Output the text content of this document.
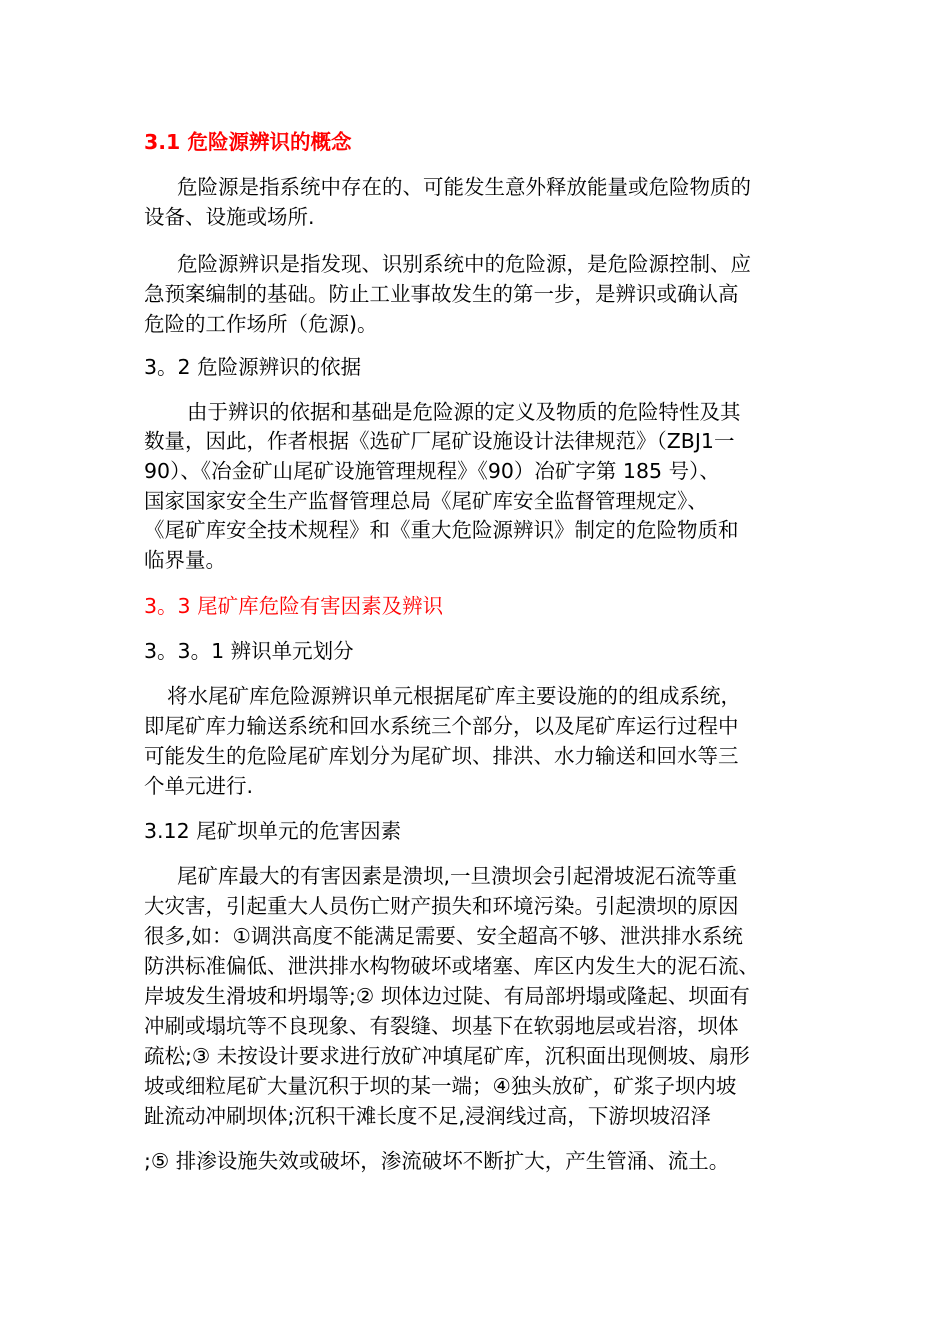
3.1 危险源辨识的概念
危险源是指系统中存在的、可能发生意外释放能量或危险物质的
设备、设施或场所.
危险源辨识是指发现、识别系统中的危险源，是危险源控制、应
急预案编制的基础。防止工业事故发生的第一步，是辨识或确认高
危险的工作场所（危源)。
3。2 危险源辨识的依据
由于辨识的依据和基础是危险源的定义及物质的危险特性及其
数量，因此，作者根据《选矿厂尾矿设施设计法律规范》（ZBJ1一
90）、《冶金矿山尾矿设施管理规程》《90）冶矿字第 185 号）、
国家国家安全生产监督管理总局《尾矿库安全监督管理规定》、
《尾矿库安全技术规程》和《重大危险源辨识》制定的危险物质和
临界量。
3。3 尾矿库危险有害因素及辨识
3。3。1 辨识单元划分
将水尾矿库危险源辨识单元根据尾矿库主要设施的的组成系统，
即尾矿库力输送系统和回水系统三个部分，以及尾矿库运行过程中
可能发生的危险尾矿库划分为尾矿坝、排洪、水力输送和回水等三
个单元进行.
3.12 尾矿坝单元的危害因素
尾矿库最大的有害因素是溃坝,一旦溃坝会引起滑坡泥石流等重
大灾害，引起重大人员伤亡财产损失和环境污染。引起溃坝的原因
很多,如：①调洪高度不能满足需要、安全超高不够、泄洪排水系统
防洪标准偏低、泄洪排水构物破坏或堵塞、库区内发生大的泥石流、
岸坡发生滑坡和坍塌等;② 坝体边过陡、有局部坍塌或隆起、坝面有
冲刷或塌坑等不良现象、有裂缝、坝基下在软弱地层或岩溶，坝体
疏松;③ 未按设计要求进行放矿冲填尾矿库，沉积面出现侧坡、扇形
坡或细粒尾矿大量沉积于坝的某一端；④独头放矿，矿浆子坝内坡
趾流动冲刷坝体;沉积干滩长度不足,浸润线过高，下游坝坡沼泽
;⑤ 排渗设施失效或破坏，渗流破坏不断扩大，产生管涌、流土。
